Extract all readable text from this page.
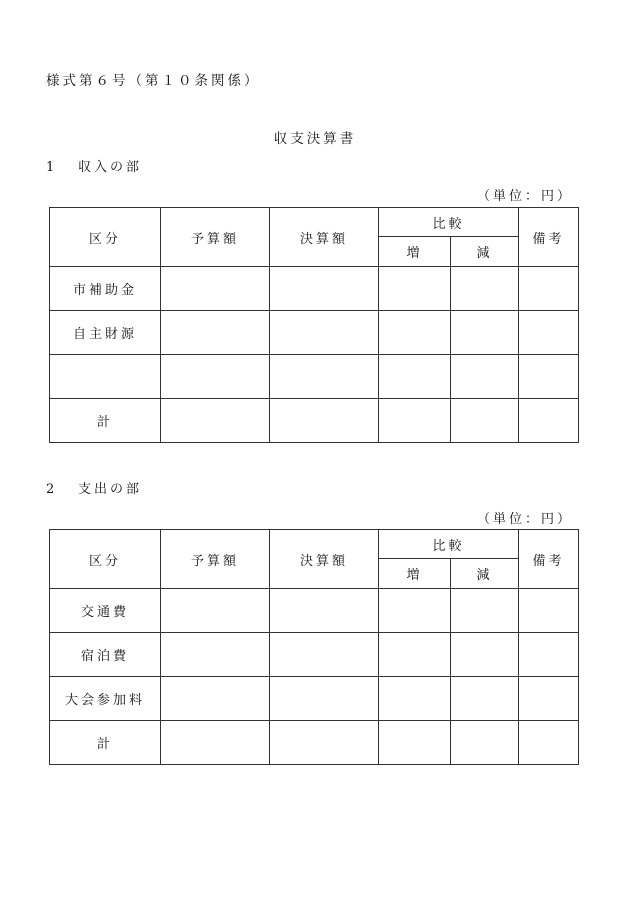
様式第６号（第１０条関係）
収支決算書
1 収入の部
（単位：円）
区分	予算額	決算額	比較		備考
			増	減	
市補助金					
自主財源					

計					
2 支出の部
（単位：円）
区分	予算額	決算額	比較		備考
			増	減	
交通費					
宿泊費					
大会参加料					
計					
